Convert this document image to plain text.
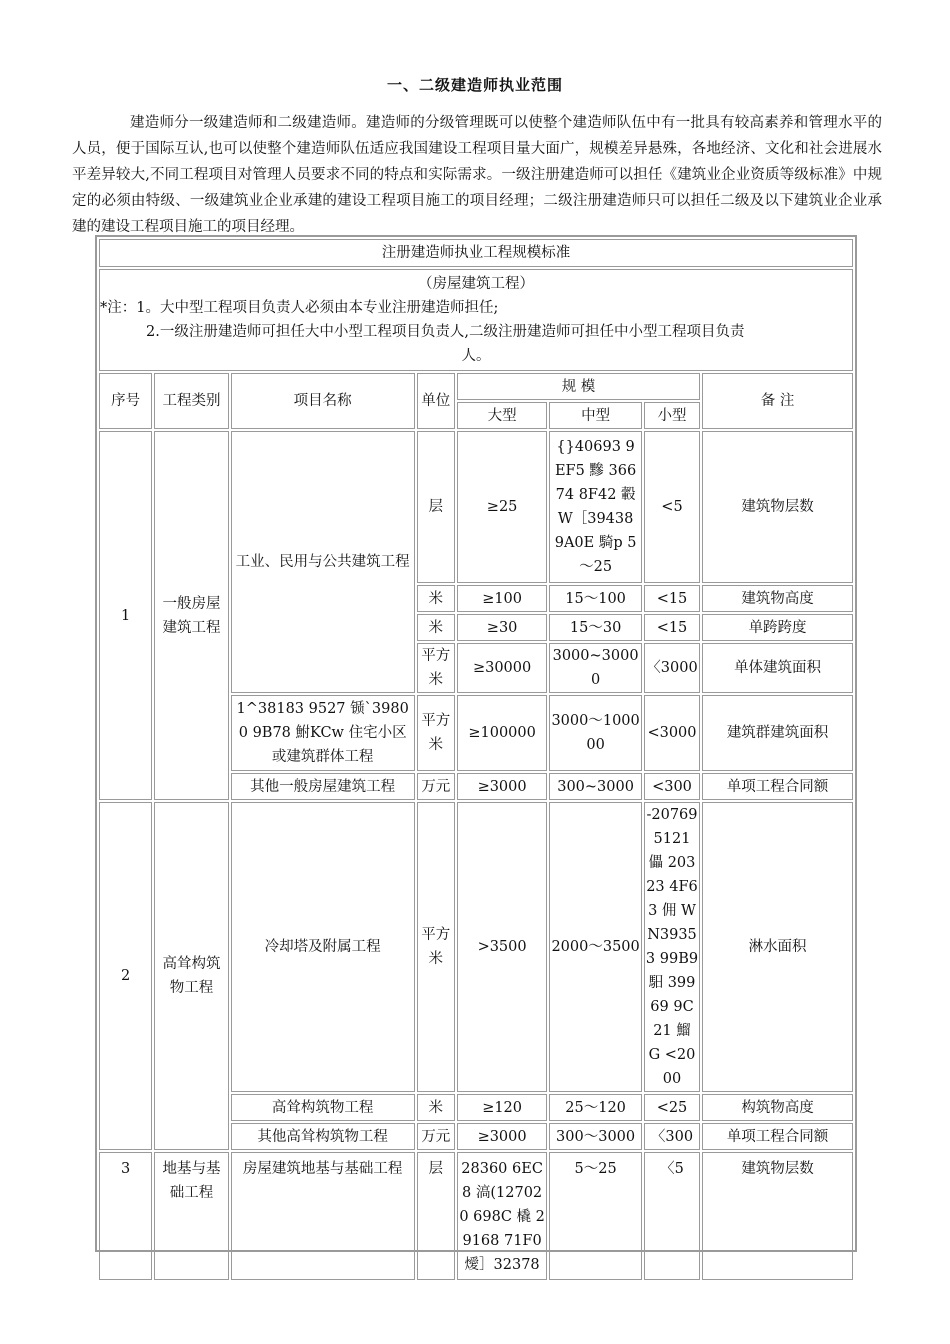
一、二级建造师执业范围

建造师分一级建造师和二级建造师。建造师的分级管理既可以使整个建造师队伍中有一批具有较高素养和管理水平的人员，便于国际互认,也可以使整个建造师队伍适应我国建设工程项目量大面广，规模差异悬殊，各地经济、文化和社会进展水平差异较大,不同工程项目对管理人员要求不同的特点和实际需求。一级注册建造师可以担任《建筑业企业资质等级标准》中规定的必须由特级、一级建筑业企业承建的建设工程项目施工的项目经理；二级注册建造师只可以担任二级及以下建筑业企业承建的建设工程项目施工的项目经理。

注册建造师执业工程规模标准							

（房屋建筑工程）
*注：1。大中型工程项目负责人必须由本专业注册建造师担任;
2.一级注册建造师可担任大中小型工程项目负责人,二级注册建造师可担任中小型工程项目负责
人。							

序号	工程类别	项目名称	单位	规 模			备 注
				大型	中型	小型	
1	一般房屋建筑工程	工业、民用与公共建筑工程	层	≥25	{}40693 9EF5 黲 36674 8F42 轂W［39438 9A0E 騎p 5～25	<5	建筑物层数
			米	≥100	15～100	<15	建筑物高度
			米	≥30	15～30	<15	单跨跨度
			平方米	≥30000	3000~30000	〈3000	单体建筑面积
		1^38183 9527 锧`39800 9B78 鮒KCw 住宅小区或建筑群体工程	平方米	≥100000	3000～100000	<3000	建筑群建筑面积
		其他一般房屋建筑工程	万元	≥3000	300~3000	<300	单项工程合同额
2	高耸构筑物工程	冷却塔及附属工程	平方米	>3500	2000～3500	-20769 5121 儡 20323 4F63 佣 WN39353 99B9 馹 39969 9C21 鰡 G <2000	淋水面积
		高耸构筑物工程	米	≥120	25～120	<25	构筑物高度
		其他高耸构筑物工程	万元	≥3000	300～3000	〈300	单项工程合同额
3	地基与基础工程	房屋建筑地基与基础工程	层	28360 6EC8 滈(127020 698C 橇 29168 71F0 燰］32378	5～25	〈5	建筑物层数
